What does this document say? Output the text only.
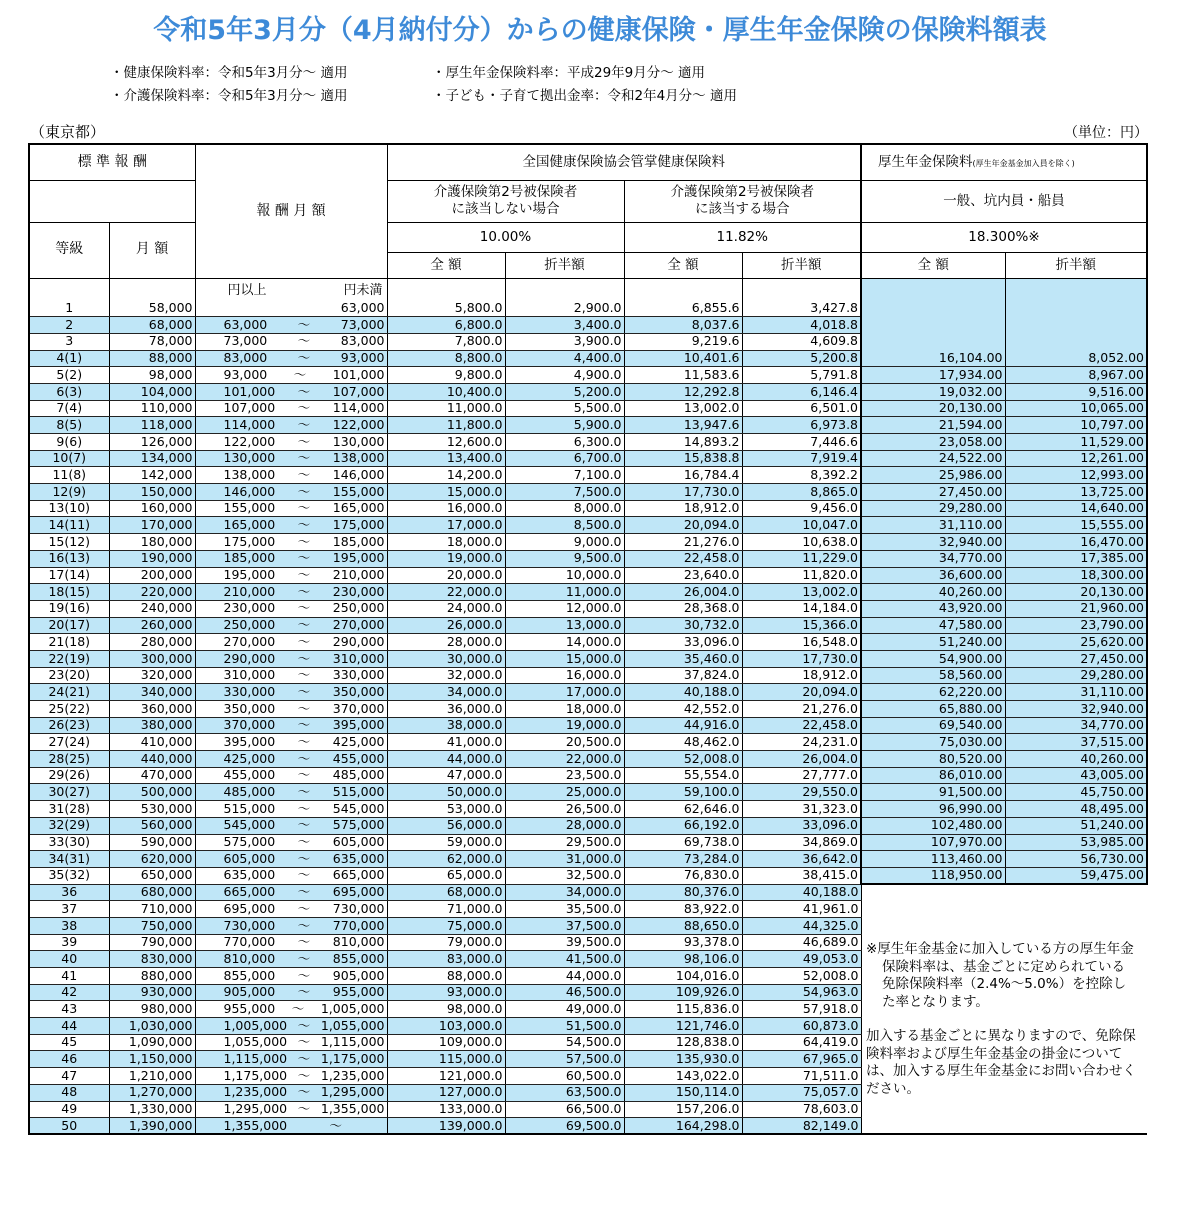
令和5年3月分（4月納付分）からの健康保険・厚生年金保険の保険料額表
・健康保険料率：令和5年3月分～ 適用
・介護保険料率：令和5年3月分～ 適用
・厚生年金保険料率：平成29年9月分～ 適用
・子ども・子育て拠出金率：令和2年4月分～ 適用
（東京都）	（単位：円）
標 準 報 酬		報 酬 月 額	全国健康保険協会管掌健康保険料				厚生年金保険料(厚生年金基金加入員を除く)	
			介護保険第2号被保険者
に該当しない場合		介護保険第2号被保険者
に該当する場合		一般、坑内員・船員	
等級	月 額		10.00%		11.82%		18.300%※	
			全 額	折半額	全 額	折半額	全 額	折半額

		円以上 円未満						

1	58,000	63,000	5,800.0	2,900.0	6,855.6	3,427.8		
2	68,000	63,000 ～ 73,000	6,800.0	3,400.0	8,037.6	4,018.8		
3	78,000	73,000 ～ 83,000	7,800.0	3,900.0	9,219.6	4,609.8		
4(1)	88,000	83,000 ～ 93,000	8,800.0	4,400.0	10,401.6	5,200.8	16,104.00	8,052.00
5(2)	98,000	93,000 ～ 101,000	9,800.0	4,900.0	11,583.6	5,791.8	17,934.00	8,967.00
6(3)	104,000	101,000 ～ 107,000	10,400.0	5,200.0	12,292.8	6,146.4	19,032.00	9,516.00
7(4)	110,000	107,000 ～ 114,000	11,000.0	5,500.0	13,002.0	6,501.0	20,130.00	10,065.00
8(5)	118,000	114,000 ～ 122,000	11,800.0	5,900.0	13,947.6	6,973.8	21,594.00	10,797.00
9(6)	126,000	122,000 ～ 130,000	12,600.0	6,300.0	14,893.2	7,446.6	23,058.00	11,529.00
10(7)	134,000	130,000 ～ 138,000	13,400.0	6,700.0	15,838.8	7,919.4	24,522.00	12,261.00
11(8)	142,000	138,000 ～ 146,000	14,200.0	7,100.0	16,784.4	8,392.2	25,986.00	12,993.00
12(9)	150,000	146,000 ～ 155,000	15,000.0	7,500.0	17,730.0	8,865.0	27,450.00	13,725.00
13(10)	160,000	155,000 ～ 165,000	16,000.0	8,000.0	18,912.0	9,456.0	29,280.00	14,640.00
14(11)	170,000	165,000 ～ 175,000	17,000.0	8,500.0	20,094.0	10,047.0	31,110.00	15,555.00
15(12)	180,000	175,000 ～ 185,000	18,000.0	9,000.0	21,276.0	10,638.0	32,940.00	16,470.00
16(13)	190,000	185,000 ～ 195,000	19,000.0	9,500.0	22,458.0	11,229.0	34,770.00	17,385.00
17(14)	200,000	195,000 ～ 210,000	20,000.0	10,000.0	23,640.0	11,820.0	36,600.00	18,300.00
18(15)	220,000	210,000 ～ 230,000	22,000.0	11,000.0	26,004.0	13,002.0	40,260.00	20,130.00
19(16)	240,000	230,000 ～ 250,000	24,000.0	12,000.0	28,368.0	14,184.0	43,920.00	21,960.00
20(17)	260,000	250,000 ～ 270,000	26,000.0	13,000.0	30,732.0	15,366.0	47,580.00	23,790.00
21(18)	280,000	270,000 ～ 290,000	28,000.0	14,000.0	33,096.0	16,548.0	51,240.00	25,620.00
22(19)	300,000	290,000 ～ 310,000	30,000.0	15,000.0	35,460.0	17,730.0	54,900.00	27,450.00
23(20)	320,000	310,000 ～ 330,000	32,000.0	16,000.0	37,824.0	18,912.0	58,560.00	29,280.00
24(21)	340,000	330,000 ～ 350,000	34,000.0	17,000.0	40,188.0	20,094.0	62,220.00	31,110.00
25(22)	360,000	350,000 ～ 370,000	36,000.0	18,000.0	42,552.0	21,276.0	65,880.00	32,940.00
26(23)	380,000	370,000 ～ 395,000	38,000.0	19,000.0	44,916.0	22,458.0	69,540.00	34,770.00
27(24)	410,000	395,000 ～ 425,000	41,000.0	20,500.0	48,462.0	24,231.0	75,030.00	37,515.00
28(25)	440,000	425,000 ～ 455,000	44,000.0	22,000.0	52,008.0	26,004.0	80,520.00	40,260.00
29(26)	470,000	455,000 ～ 485,000	47,000.0	23,500.0	55,554.0	27,777.0	86,010.00	43,005.00
30(27)	500,000	485,000 ～ 515,000	50,000.0	25,000.0	59,100.0	29,550.0	91,500.00	45,750.00
31(28)	530,000	515,000 ～ 545,000	53,000.0	26,500.0	62,646.0	31,323.0	96,990.00	48,495.00
32(29)	560,000	545,000 ～ 575,000	56,000.0	28,000.0	66,192.0	33,096.0	102,480.00	51,240.00
33(30)	590,000	575,000 ～ 605,000	59,000.0	29,500.0	69,738.0	34,869.0	107,970.00	53,985.00
34(31)	620,000	605,000 ～ 635,000	62,000.0	31,000.0	73,284.0	36,642.0	113,460.00	56,730.00
35(32)	650,000	635,000 ～ 665,000	65,000.0	32,500.0	76,830.0	38,415.0	118,950.00	59,475.00
36	680,000	665,000 ～ 695,000	68,000.0	34,000.0	80,376.0	40,188.0		
37	710,000	695,000 ～ 730,000	71,000.0	35,500.0	83,922.0	41,961.0		
38	750,000	730,000 ～ 770,000	75,000.0	37,500.0	88,650.0	44,325.0		
39	790,000	770,000 ～ 810,000	79,000.0	39,500.0	93,378.0	46,689.0		
40	830,000	810,000 ～ 855,000	83,000.0	41,500.0	98,106.0	49,053.0		
41	880,000	855,000 ～ 905,000	88,000.0	44,000.0	104,016.0	52,008.0		
42	930,000	905,000 ～ 955,000	93,000.0	46,500.0	109,926.0	54,963.0		
43	980,000	955,000 ～ 1,005,000	98,000.0	49,000.0	115,836.0	57,918.0		
44	1,030,000	1,005,000 ～ 1,055,000	103,000.0	51,500.0	121,746.0	60,873.0		
45	1,090,000	1,055,000 ～ 1,115,000	109,000.0	54,500.0	128,838.0	64,419.0		
46	1,150,000	1,115,000 ～ 1,175,000	115,000.0	57,500.0	135,930.0	67,965.0		
47	1,210,000	1,175,000 ～ 1,235,000	121,000.0	60,500.0	143,022.0	71,511.0		
48	1,270,000	1,235,000 ～ 1,295,000	127,000.0	63,500.0	150,114.0	75,057.0		
49	1,330,000	1,295,000 ～ 1,355,000	133,000.0	66,500.0	157,206.0	78,603.0		
50	1,390,000	1,355,000 ～	139,000.0	69,500.0	164,298.0	82,149.0		

※厚生年金基金に加入している方の厚生年金保険料率は、基金ごとに定められている免除保険料率（2.4%～5.0%）を控除した率となります。

加入する基金ごとに異なりますので、免除保険料率および厚生年金基金の掛金については、加入する厚生年金基金にお問い合わせください。
